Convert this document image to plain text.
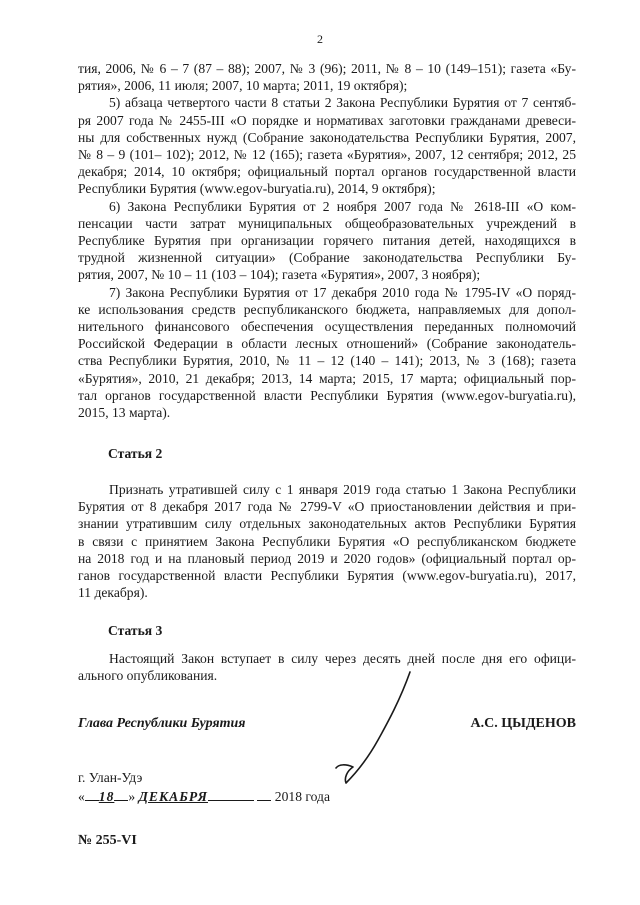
2
тия, 2006, № 6 – 7 (87 – 88); 2007, № 3 (96); 2011, № 8 – 10 (149–151); газета «Бу-
рятия», 2006, 11 июля; 2007, 10 марта; 2011, 19 октября);
5) абзаца четвертого части 8 статьи 2 Закона Республики Бурятия от 7 сентяб-
ря 2007 года № 2455-III «О порядке и нормативах заготовки гражданами древеси-
ны для собственных нужд (Собрание законодательства Республики Бурятия, 2007,
№ 8 – 9 (101– 102); 2012, № 12 (165); газета «Бурятия», 2007, 12 сентября; 2012, 25
декабря; 2014, 10 октября; официальный портал органов государственной власти
Республики Бурятия (www.egov-buryatia.ru), 2014, 9 октября);
6) Закона Республики Бурятия от 2 ноября 2007 года № 2618-III «О ком-
пенсации части затрат муниципальных общеобразовательных учреждений в
Республике Бурятия при организации горячего питания детей, находящихся в
трудной жизненной ситуации» (Собрание законодательства Республики Бу-
рятия, 2007, № 10 – 11 (103 – 104); газета «Бурятия», 2007, 3 ноября);
7) Закона Республики Бурятия от 17 декабря 2010 года № 1795-IV «О поряд-
ке использования средств республиканского бюджета, направляемых для допол-
нительного финансового обеспечения осуществления переданных полномочий
Российской Федерации в области лесных отношений» (Собрание законодатель-
ства Республики Бурятия, 2010, № 11 – 12 (140 – 141); 2013, № 3 (168); газета
«Бурятия», 2010, 21 декабря; 2013, 14 марта; 2015, 17 марта; официальный пор-
тал органов государственной власти Республики Бурятия (www.egov-buryatia.ru),
2015, 13 марта).
Статья 2
Признать утратившей силу с 1 января 2019 года статью 1 Закона Республики
Бурятия от 8 декабря 2017 года № 2799-V «О приостановлении действия и при-
знании утратившим силу отдельных законодательных актов Республики Бурятия
в связи с принятием Закона Республики Бурятия «О республиканском бюджете
на 2018 год и на плановый период 2019 и 2020 годов» (официальный портал ор-
ганов государственной власти Республики Бурятия (www.egov-buryatia.ru), 2017,
11 декабря).
Статья 3
Настоящий Закон вступает в силу через десять дней после дня его офици-
ального опубликования.
Глава Республики Бурятия	А.С. ЦЫДЕНОВ
г. Улан-Удэ
« 18 » ДЕКАБРЯ	2018 года
№ 255-VI
